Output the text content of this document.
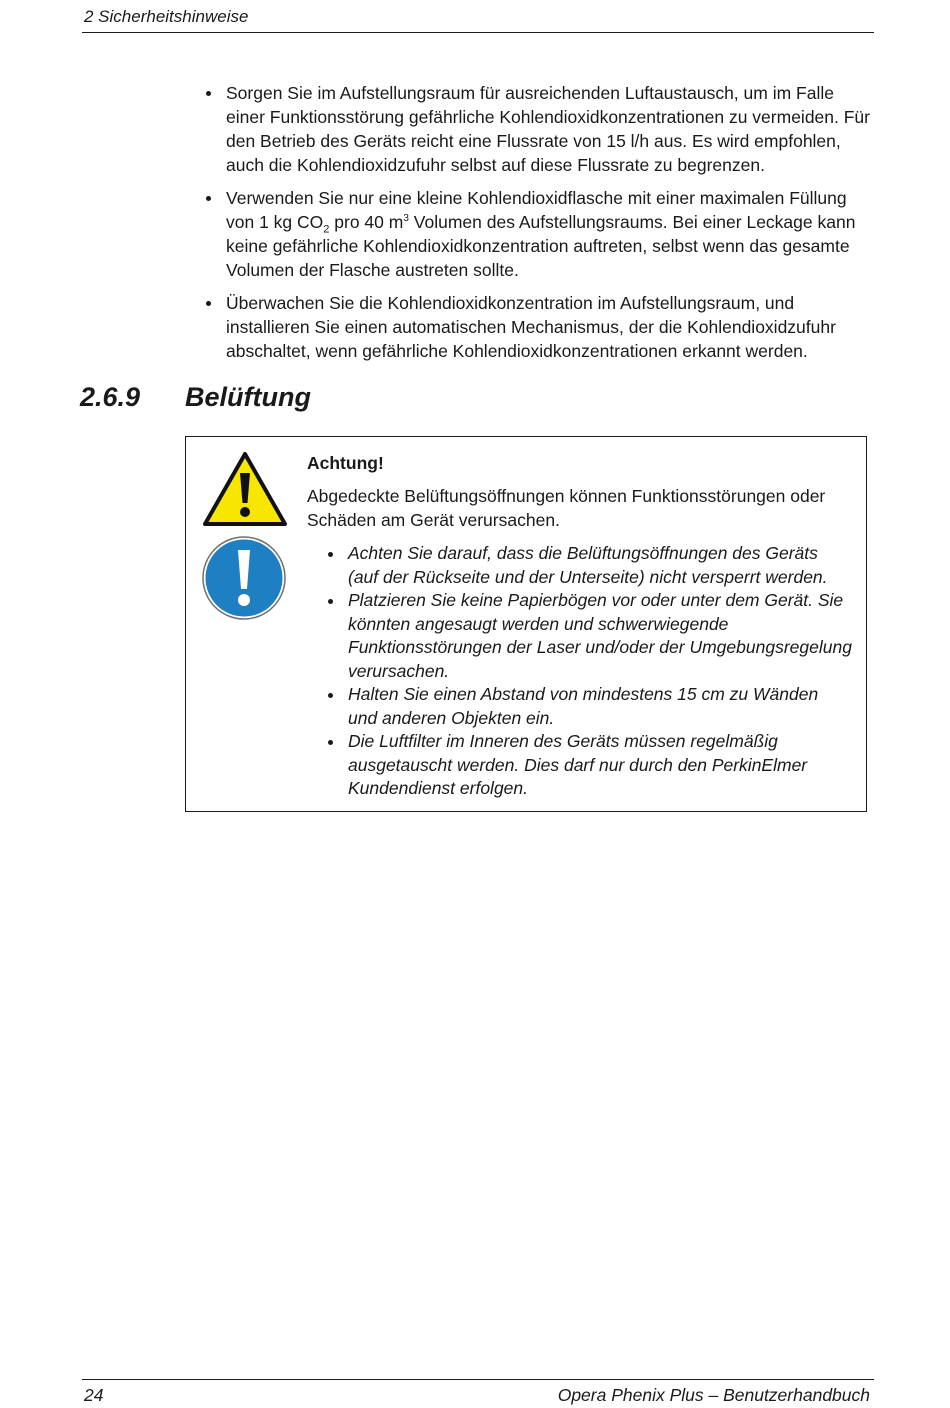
2 Sicherheitshinweise
Sorgen Sie im Aufstellungsraum für ausreichenden Luftaustausch, um im Falle einer Funktionsstörung gefährliche Kohlendioxidkonzentrationen zu vermeiden. Für den Betrieb des Geräts reicht eine Flussrate von 15 l/h aus. Es wird empfohlen, auch die Kohlendioxidzufuhr selbst auf diese Flussrate zu begrenzen.
Verwenden Sie nur eine kleine Kohlendioxidflasche mit einer maximalen Füllung von 1 kg $CO_2$ pro 40 $m^3$ Volumen des Aufstellungsraums. Bei einer Leckage kann keine gefährliche Kohlendioxidkonzentration auftreten, selbst wenn das gesamte Volumen der Flasche austreten sollte.
Überwachen Sie die Kohlendioxidkonzentration im Aufstellungsraum, und installieren Sie einen automatischen Mechanismus, der die Kohlendioxidzufuhr abschaltet, wenn gefährliche Kohlendioxidkonzentrationen erkannt werden.
2.6.9 Belüftung
Achtung!
Abgedeckte Belüftungsöffnungen können Funktionsstörungen oder Schäden am Gerät verursachen.
Achten Sie darauf, dass die Belüftungsöffnungen des Geräts (auf der Rückseite und der Unterseite) nicht versperrt werden.
Platzieren Sie keine Papierbögen vor oder unter dem Gerät. Sie könnten angesaugt werden und schwerwiegende Funktionsstörungen der Laser und/oder der Umgebungsregelung verursachen.
Halten Sie einen Abstand von mindestens 15 cm zu Wänden und anderen Objekten ein.
Die Luftfilter im Inneren des Geräts müssen regelmäßig ausgetauscht werden. Dies darf nur durch den PerkinElmer Kundendienst erfolgen.
24	Opera Phenix Plus – Benutzerhandbuch
